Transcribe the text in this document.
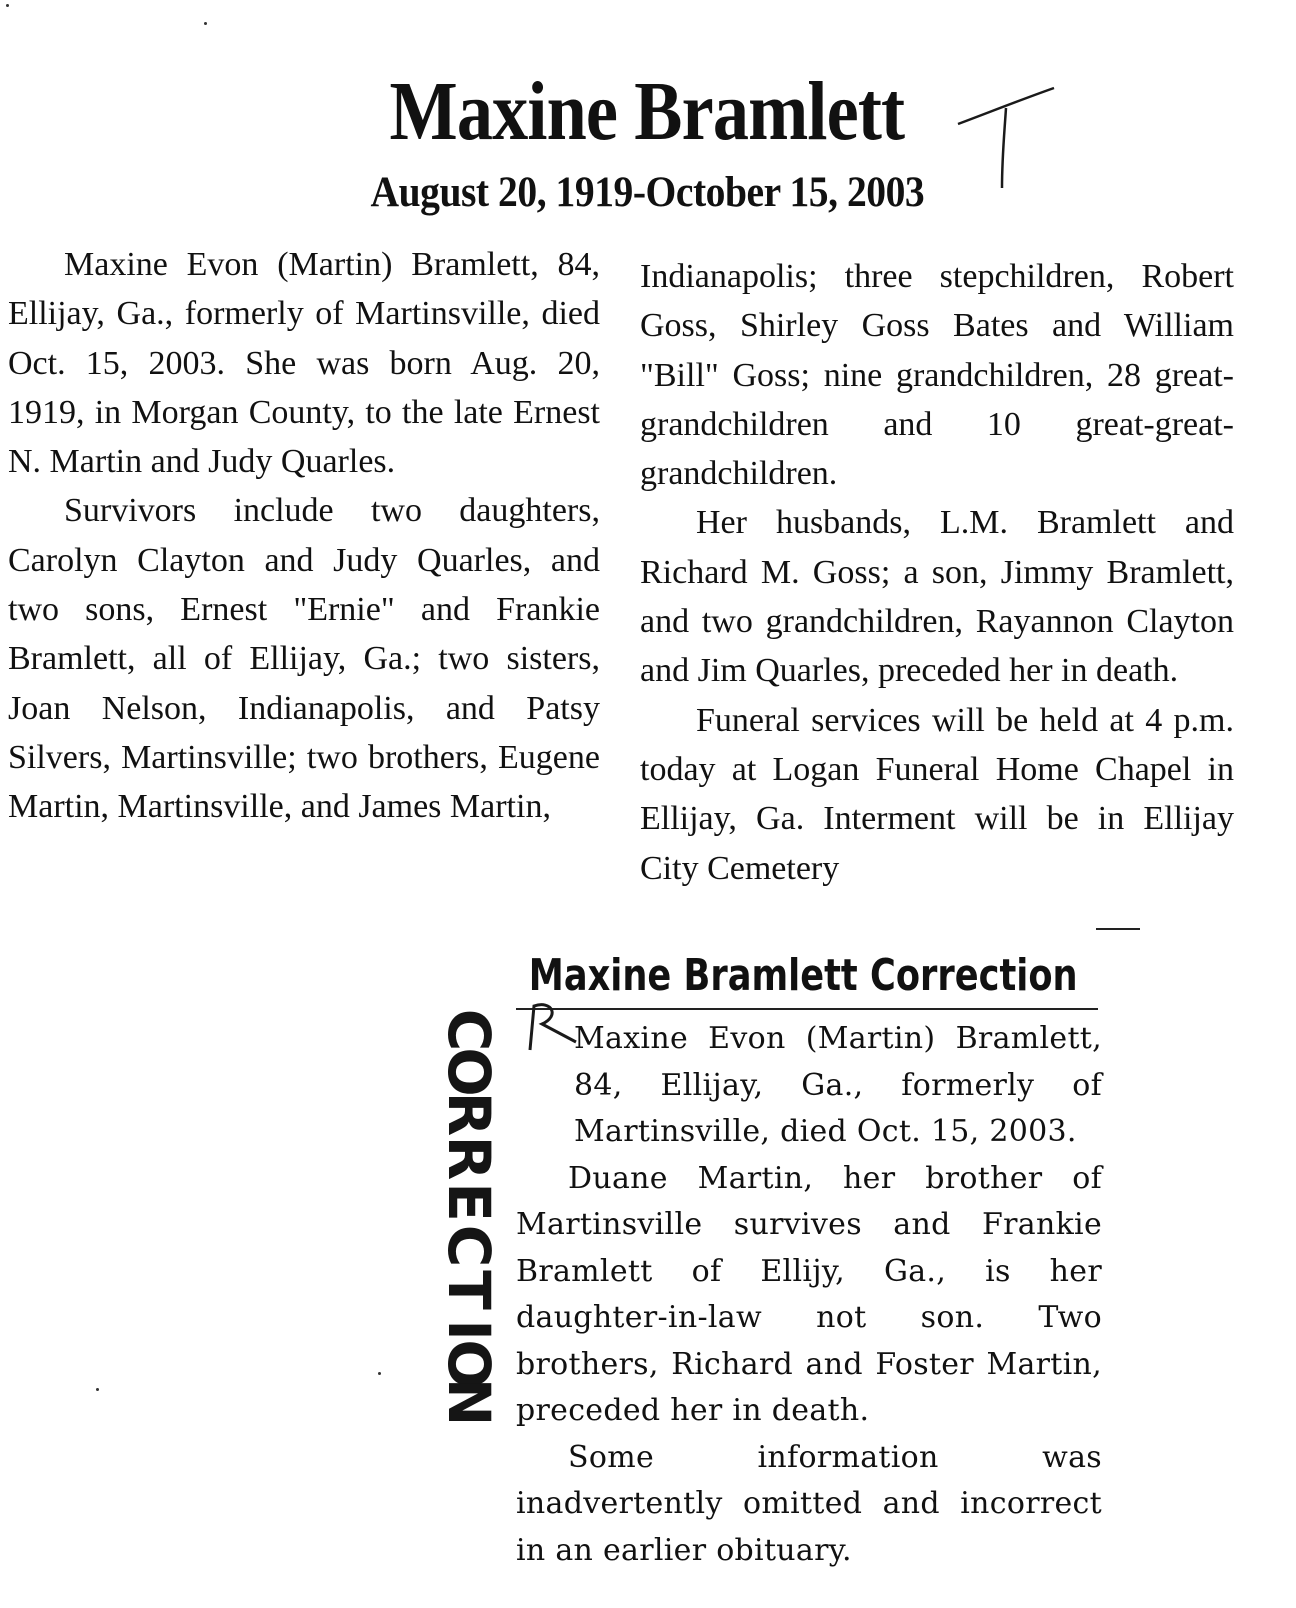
Maxine Bramlett
August 20, 1919-October 15, 2003

Maxine Evon (Martin) Bramlett, 84, Ellijay, Ga., formerly of Martinsville, died Oct. 15, 2003. She was born Aug. 20, 1919, in Morgan County, to the late Ernest N. Martin and Judy Quarles.

Survivors include two daughters, Carolyn Clayton and Judy Quarles, and two sons, Ernest "Ernie" and Frankie Bramlett, all of Ellijay, Ga.; two sisters, Joan Nelson, Indianapolis, and Patsy Silvers, Martinsville; two brothers, Eugene Martin, Martinsville, and James Martin,

Indianapolis; three stepchildren, Robert Goss, Shirley Goss Bates and William "Bill" Goss; nine grandchildren, 28 great-grandchildren and 10 great-great-grandchildren.

Her husbands, L.M. Bramlett and Richard M. Goss; a son, Jimmy Bramlett, and two grandchildren, Rayannon Clayton and Jim Quarles, preceded her in death.

Funeral services will be held at 4 p.m. today at Logan Funeral Home Chapel in Ellijay, Ga. Interment will be in Ellijay City Cemetery

Maxine Bramlett Correction

Maxine Evon (Martin) Bramlett, 84, Ellijay, Ga., formerly of Martinsville, died Oct. 15, 2003.

Duane Martin, her brother of Martinsville survives and Frankie Bramlett of Ellijy, Ga., is her daughter-in-law not son. Two brothers, Richard and Foster Martin, preceded her in death.

Some information was inadvertently omitted and incorrect in an earlier obituary.

C
O
R
R
E
C
T
I
O
N
